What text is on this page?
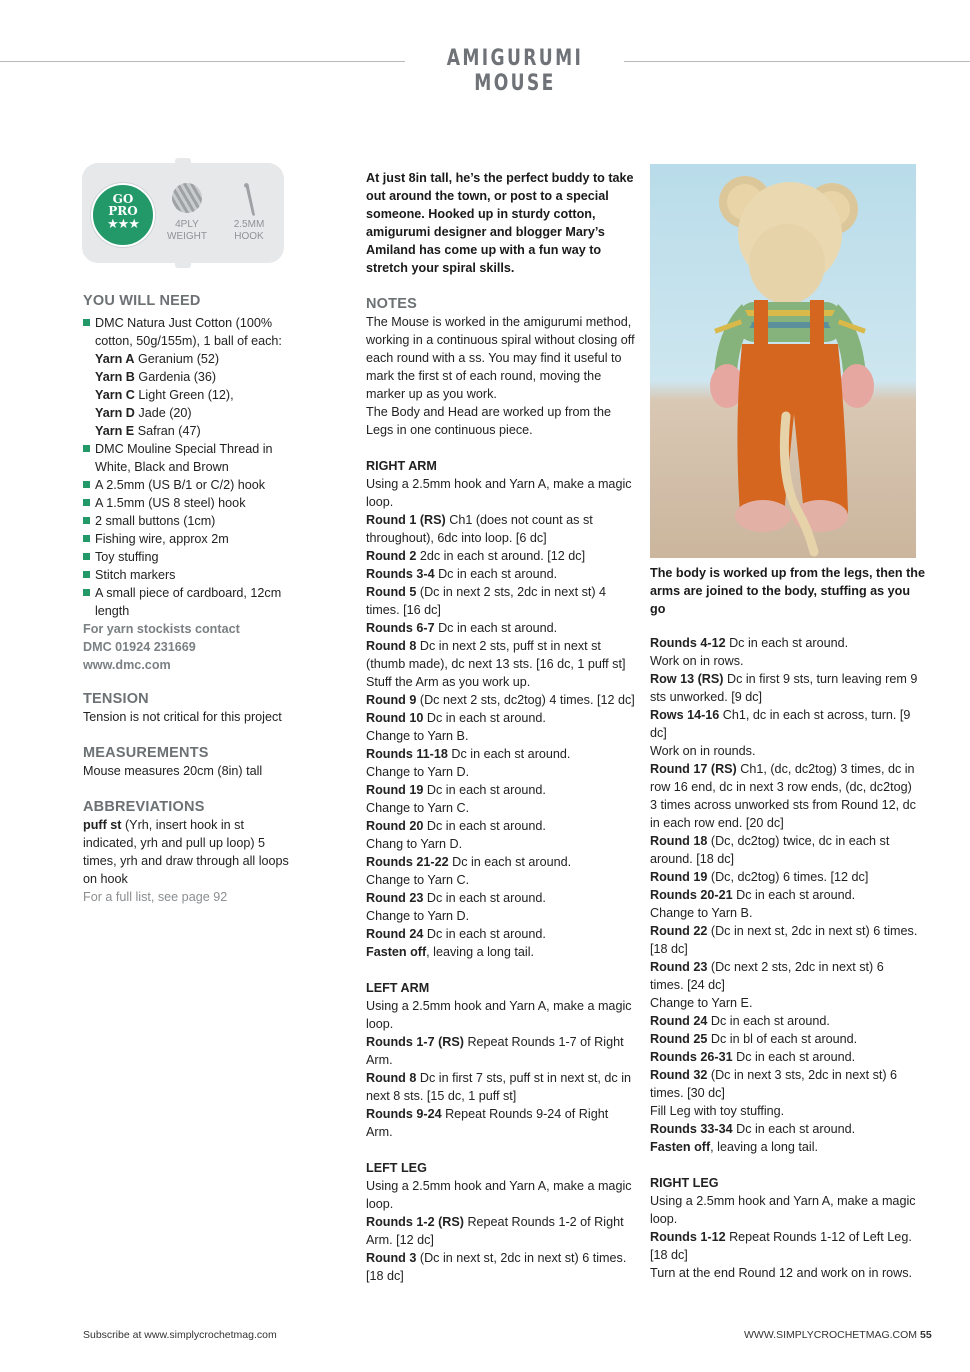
AMIGURUMI MOUSE
GO
PRO
★★★	4PLY
WEIGHT
2.5MM
HOOK
YOU WILL NEED
DMC Natura Just Cotton (100% cotton, 50g/155m), 1 ball of each:
Yarn A Geranium (52)
Yarn B Gardenia (36)
Yarn C Light Green (12),
Yarn D Jade (20)
Yarn E Safran (47)
DMC Mouline Special Thread in White, Black and Brown
A 2.5mm (US B/1 or C/2) hook
A 1.5mm (US 8 steel) hook
2 small buttons (1cm)
Fishing wire, approx 2m
Toy stuffing
Stitch markers
A small piece of cardboard, 12cm length
For yarn stockists contact
DMC 01924 231669
www.dmc.com
TENSION
Tension is not critical for this project
MEASUREMENTS
Mouse measures 20cm (8in) tall
ABBREVIATIONS
puff st (Yrh, insert hook in st indicated, yrh and pull up loop) 5 times, yrh and draw through all loops on hook
For a full list, see page 92

At just 8in tall, he’s the perfect buddy to take out around the town, or post to a special someone. Hooked up in sturdy cotton, amigurumi designer and blogger Mary’s Amiland has come up with a fun way to stretch your spiral skills.

NOTES

The Mouse is worked in the amigurumi method, working in a continuous spiral without closing off each round with a ss. You may find it useful to mark the first st of each round, moving the marker up as you work.

The Body and Head are worked up from the Legs in one continuous piece.

RIGHT ARM

Using a 2.5mm hook and Yarn A, make a magic loop.

Round 1 (RS) Ch1 (does not count as st throughout), 6dc into loop. [6 dc]

Round 2 2dc in each st around. [12 dc]

Rounds 3-4 Dc in each st around.

Round 5 (Dc in next 2 sts, 2dc in next st) 4 times. [16 dc]

Rounds 6-7 Dc in each st around.

Round 8 Dc in next 2 sts, puff st in next st (thumb made), dc next 13 sts. [16 dc, 1 puff st]

Stuff the Arm as you work up.

Round 9 (Dc next 2 sts, dc2tog) 4 times. [12 dc]

Round 10 Dc in each st around.

Change to Yarn B.

Rounds 11-18 Dc in each st around.

Change to Yarn D.

Round 19 Dc in each st around.

Change to Yarn C.

Round 20 Dc in each st around.

Chang to Yarn D.

Rounds 21-22 Dc in each st around.

Change to Yarn C.

Round 23 Dc in each st around.

Change to Yarn D.

Round 24 Dc in each st around.

Fasten off, leaving a long tail.

LEFT ARM

Using a 2.5mm hook and Yarn A, make a magic loop.

Rounds 1-7 (RS) Repeat Rounds 1-7 of Right Arm.

Round 8 Dc in first 7 sts, puff st in next st, dc in next 8 sts. [15 dc, 1 puff st]

Rounds 9-24 Repeat Rounds 9-24 of Right Arm.

LEFT LEG

Using a 2.5mm hook and Yarn A, make a magic loop.

Rounds 1-2 (RS) Repeat Rounds 1-2 of Right Arm. [12 dc]

Round 3 (Dc in next st, 2dc in next st) 6 times. [18 dc]

The body is worked up from the legs, then the arms are joined to the body, stuffing as you go

Rounds 4-12 Dc in each st around.

Work on in rows.

Row 13 (RS) Dc in first 9 sts, turn leaving rem 9 sts unworked. [9 dc]

Rows 14-16 Ch1, dc in each st across, turn. [9 dc]

Work on in rounds.

Round 17 (RS) Ch1, (dc, dc2tog) 3 times, dc in row 16 end, dc in next 3 row ends, (dc, dc2tog) 3 times across unworked sts from Round 12, dc in each row end. [20 dc]

Round 18 (Dc, dc2tog) twice, dc in each st around. [18 dc]

Round 19 (Dc, dc2tog) 6 times. [12 dc]

Rounds 20-21 Dc in each st around.

Change to Yarn B.

Round 22 (Dc in next st, 2dc in next st) 6 times. [18 dc]

Round 23 (Dc next 2 sts, 2dc in next st) 6 times. [24 dc]

Change to Yarn E.

Round 24 Dc in each st around.

Round 25 Dc in bl of each st around.

Rounds 26-31 Dc in each st around.

Round 32 (Dc in next 3 sts, 2dc in next st) 6 times. [30 dc]

Fill Leg with toy stuffing.

Rounds 33-34 Dc in each st around.

Fasten off, leaving a long tail.

RIGHT LEG

Using a 2.5mm hook and Yarn A, make a magic loop.

Rounds 1-12 Repeat Rounds 1-12 of Left Leg. [18 dc]

Turn at the end Round 12 and work on in rows.

Subscribe at www.simplycrochetmag.com	WWW.SIMPLYCROCHETMAG.COM 55
